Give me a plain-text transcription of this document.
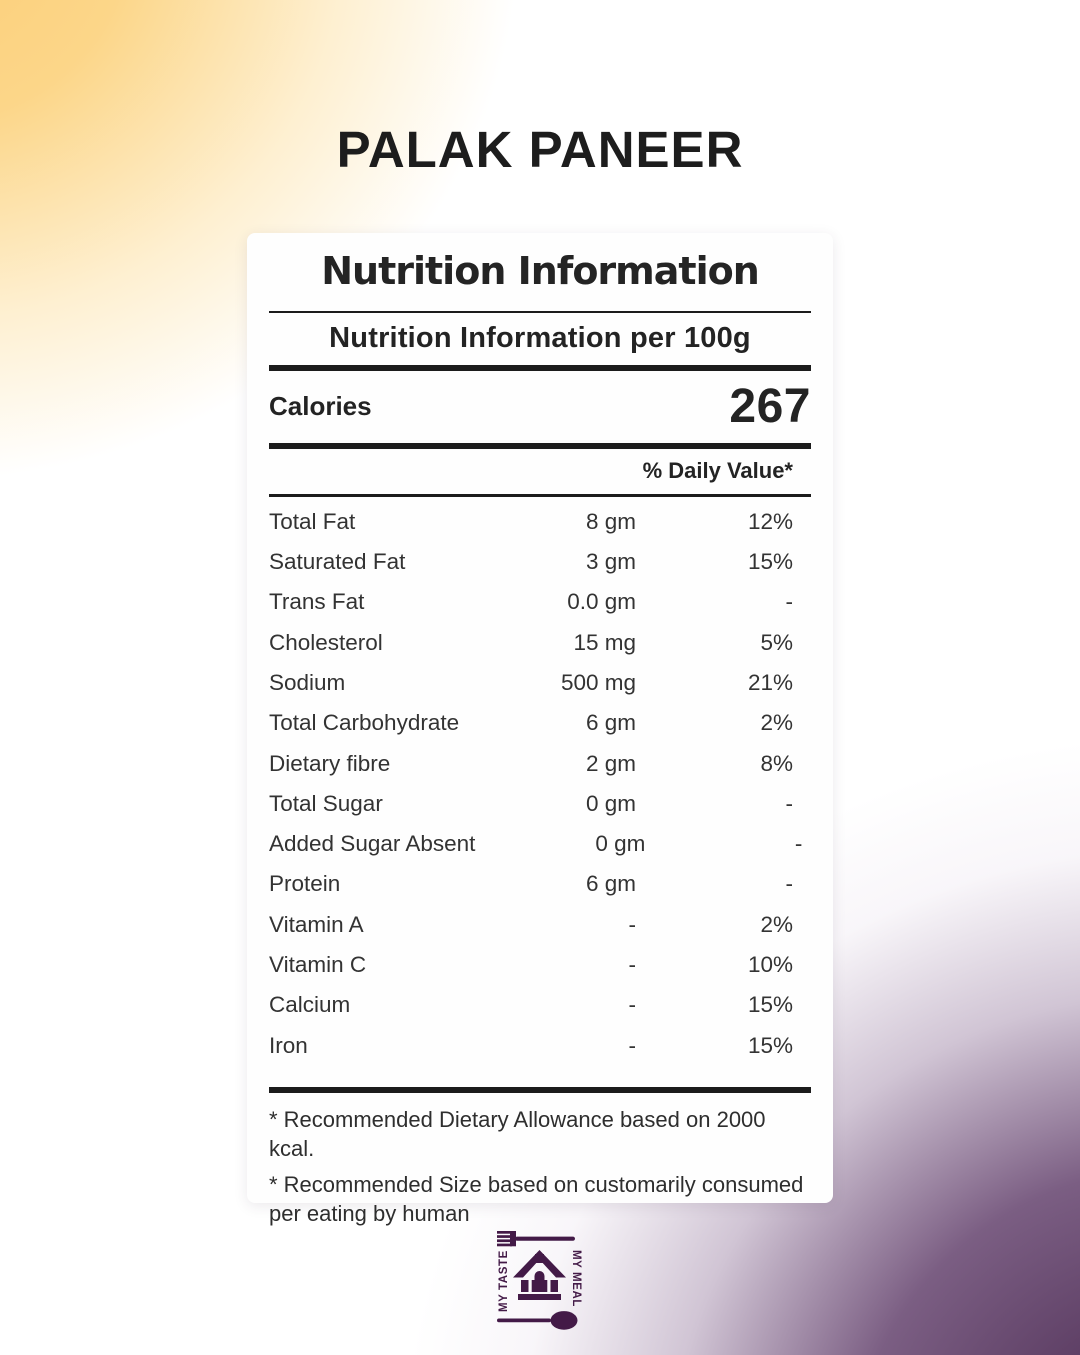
PALAK PANEER
Nutrition Information
Nutrition Information per 100g
Calories	267
% Daily Value*
Total Fat	8 gm	12%
Saturated Fat	3 gm	15%
Trans Fat	0.0 gm	-
Cholesterol	15 mg	5%
Sodium	500 mg	21%
Total Carbohydrate	6 gm	2%
Dietary fibre	2 gm	8%
Total Sugar	0 gm	-
Added Sugar Absent	0 gm	-
Protein	6 gm	-
Vitamin A	-	2%
Vitamin C	-	10%
Calcium	-	15%
Iron	-	15%

* Recommended Dietary Allowance based on 2000 kcal.

* Recommended Size based on customarily consumed per eating by human

MY TASTE	MY MEAL
